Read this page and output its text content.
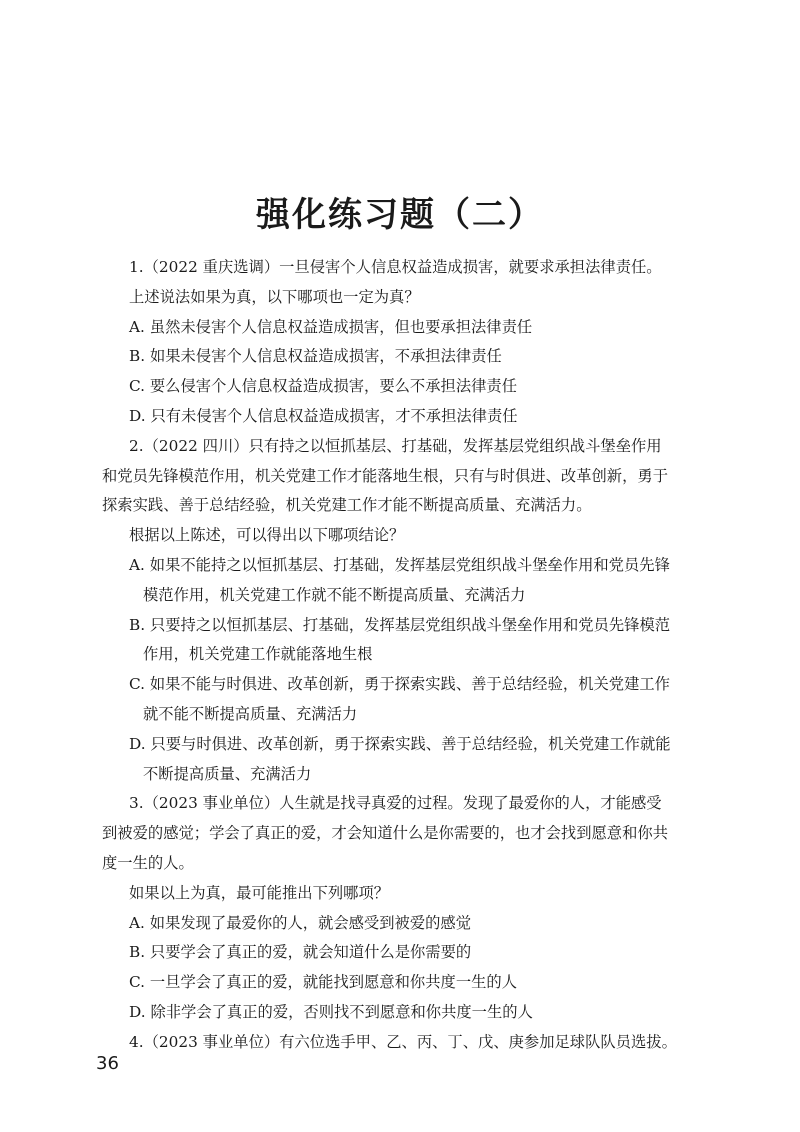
强化练习题（二）
1.（2022 重庆选调）一旦侵害个人信息权益造成损害，就要求承担法律责任。
上述说法如果为真，以下哪项也一定为真？
A. 虽然未侵害个人信息权益造成损害，但也要承担法律责任
B. 如果未侵害个人信息权益造成损害，不承担法律责任
C. 要么侵害个人信息权益造成损害，要么不承担法律责任
D. 只有未侵害个人信息权益造成损害，才不承担法律责任
2.（2022 四川）只有持之以恒抓基层、打基础，发挥基层党组织战斗堡垒作用
和党员先锋模范作用，机关党建工作才能落地生根，只有与时俱进、改革创新，勇于
探索实践、善于总结经验，机关党建工作才能不断提高质量、充满活力。
根据以上陈述，可以得出以下哪项结论？
A. 如果不能持之以恒抓基层、打基础，发挥基层党组织战斗堡垒作用和党员先锋
模范作用，机关党建工作就不能不断提高质量、充满活力
B. 只要持之以恒抓基层、打基础，发挥基层党组织战斗堡垒作用和党员先锋模范
作用，机关党建工作就能落地生根
C. 如果不能与时俱进、改革创新，勇于探索实践、善于总结经验，机关党建工作
就不能不断提高质量、充满活力
D. 只要与时俱进、改革创新，勇于探索实践、善于总结经验，机关党建工作就能
不断提高质量、充满活力
3.（2023 事业单位）人生就是找寻真爱的过程。发现了最爱你的人，才能感受
到被爱的感觉；学会了真正的爱，才会知道什么是你需要的，也才会找到愿意和你共
度一生的人。
如果以上为真，最可能推出下列哪项？
A. 如果发现了最爱你的人，就会感受到被爱的感觉
B. 只要学会了真正的爱，就会知道什么是你需要的
C. 一旦学会了真正的爱，就能找到愿意和你共度一生的人
D. 除非学会了真正的爱，否则找不到愿意和你共度一生的人
4.（2023 事业单位）有六位选手甲、乙、丙、丁、戊、庚参加足球队队员选拔。
36
